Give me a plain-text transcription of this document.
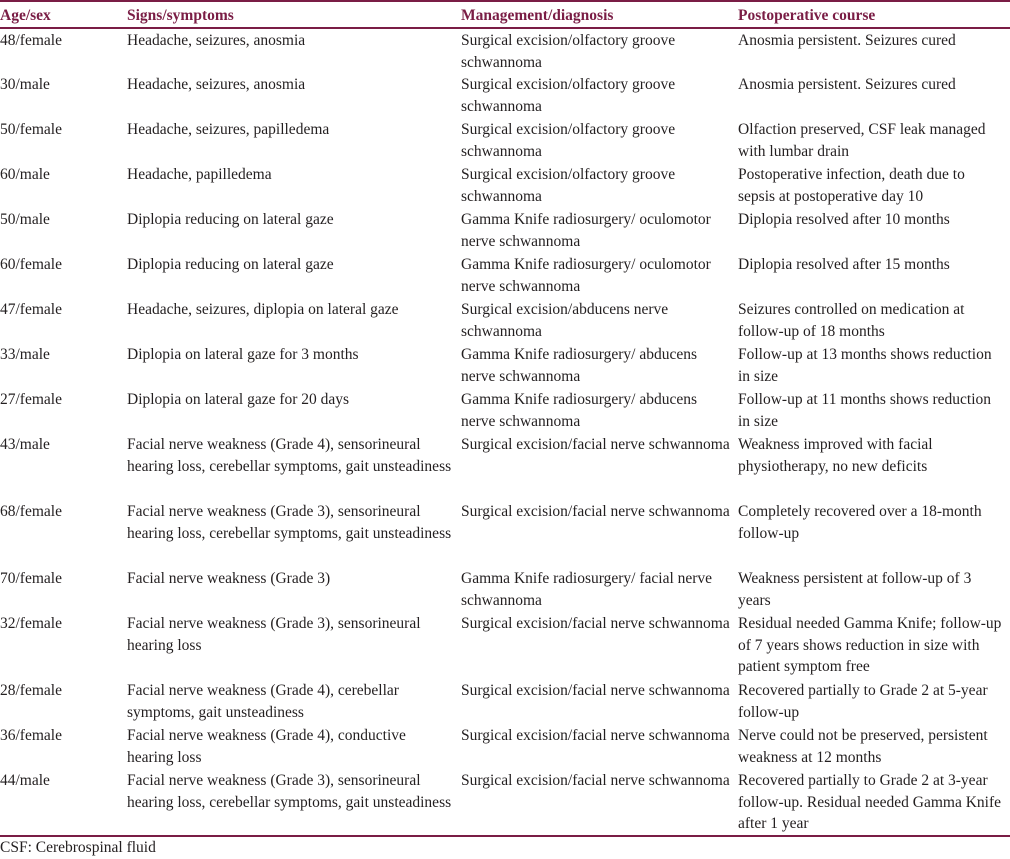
Age/sex	Signs/symptoms	Management/diagnosis	Postoperative course
48/female	Headache, seizures, anosmia	Surgical excision/olfactory groove schwannoma	Anosmia persistent. Seizures cured
30/male	Headache, seizures, anosmia	Surgical excision/olfactory groove schwannoma	Anosmia persistent. Seizures cured
50/female	Headache, seizures, papilledema	Surgical excision/olfactory groove schwannoma	Olfaction preserved, CSF leak managed with lumbar drain
60/male	Headache, papilledema	Surgical excision/olfactory groove schwannoma	Postoperative infection, death due to sepsis at postoperative day 10
50/male	Diplopia reducing on lateral gaze	Gamma Knife radiosurgery/ oculomotor nerve schwannoma	Diplopia resolved after 10 months
60/female	Diplopia reducing on lateral gaze	Gamma Knife radiosurgery/ oculomotor nerve schwannoma	Diplopia resolved after 15 months
47/female	Headache, seizures, diplopia on lateral gaze	Surgical excision/abducens nerve schwannoma	Seizures controlled on medication at follow-up of 18 months
33/male	Diplopia on lateral gaze for 3 months	Gamma Knife radiosurgery/ abducens nerve schwannoma	Follow-up at 13 months shows reduction in size
27/female	Diplopia on lateral gaze for 20 days	Gamma Knife radiosurgery/ abducens nerve schwannoma	Follow-up at 11 months shows reduction in size
43/male	Facial nerve weakness (Grade 4), sensorineural hearing loss, cerebellar symptoms, gait unsteadiness	Surgical excision/facial nerve schwannoma	Weakness improved with facial physiotherapy, no new deficits
68/female	Facial nerve weakness (Grade 3), sensorineural hearing loss, cerebellar symptoms, gait unsteadiness	Surgical excision/facial nerve schwannoma	Completely recovered over a 18-month follow-up
70/female	Facial nerve weakness (Grade 3)	Gamma Knife radiosurgery/ facial nerve schwannoma	Weakness persistent at follow-up of 3 years
32/female	Facial nerve weakness (Grade 3), sensorineural hearing loss	Surgical excision/facial nerve schwannoma	Residual needed Gamma Knife; follow-up of 7 years shows reduction in size with patient symptom free
28/female	Facial nerve weakness (Grade 4), cerebellar symptoms, gait unsteadiness	Surgical excision/facial nerve schwannoma	Recovered partially to Grade 2 at 5-year follow-up
36/female	Facial nerve weakness (Grade 4), conductive hearing loss	Surgical excision/facial nerve schwannoma	Nerve could not be preserved, persistent weakness at 12 months
44/male	Facial nerve weakness (Grade 3), sensorineural hearing loss, cerebellar symptoms, gait unsteadiness	Surgical excision/facial nerve schwannoma	Recovered partially to Grade 2 at 3-year follow-up. Residual needed Gamma Knife after 1 year
CSF: Cerebrospinal fluid
